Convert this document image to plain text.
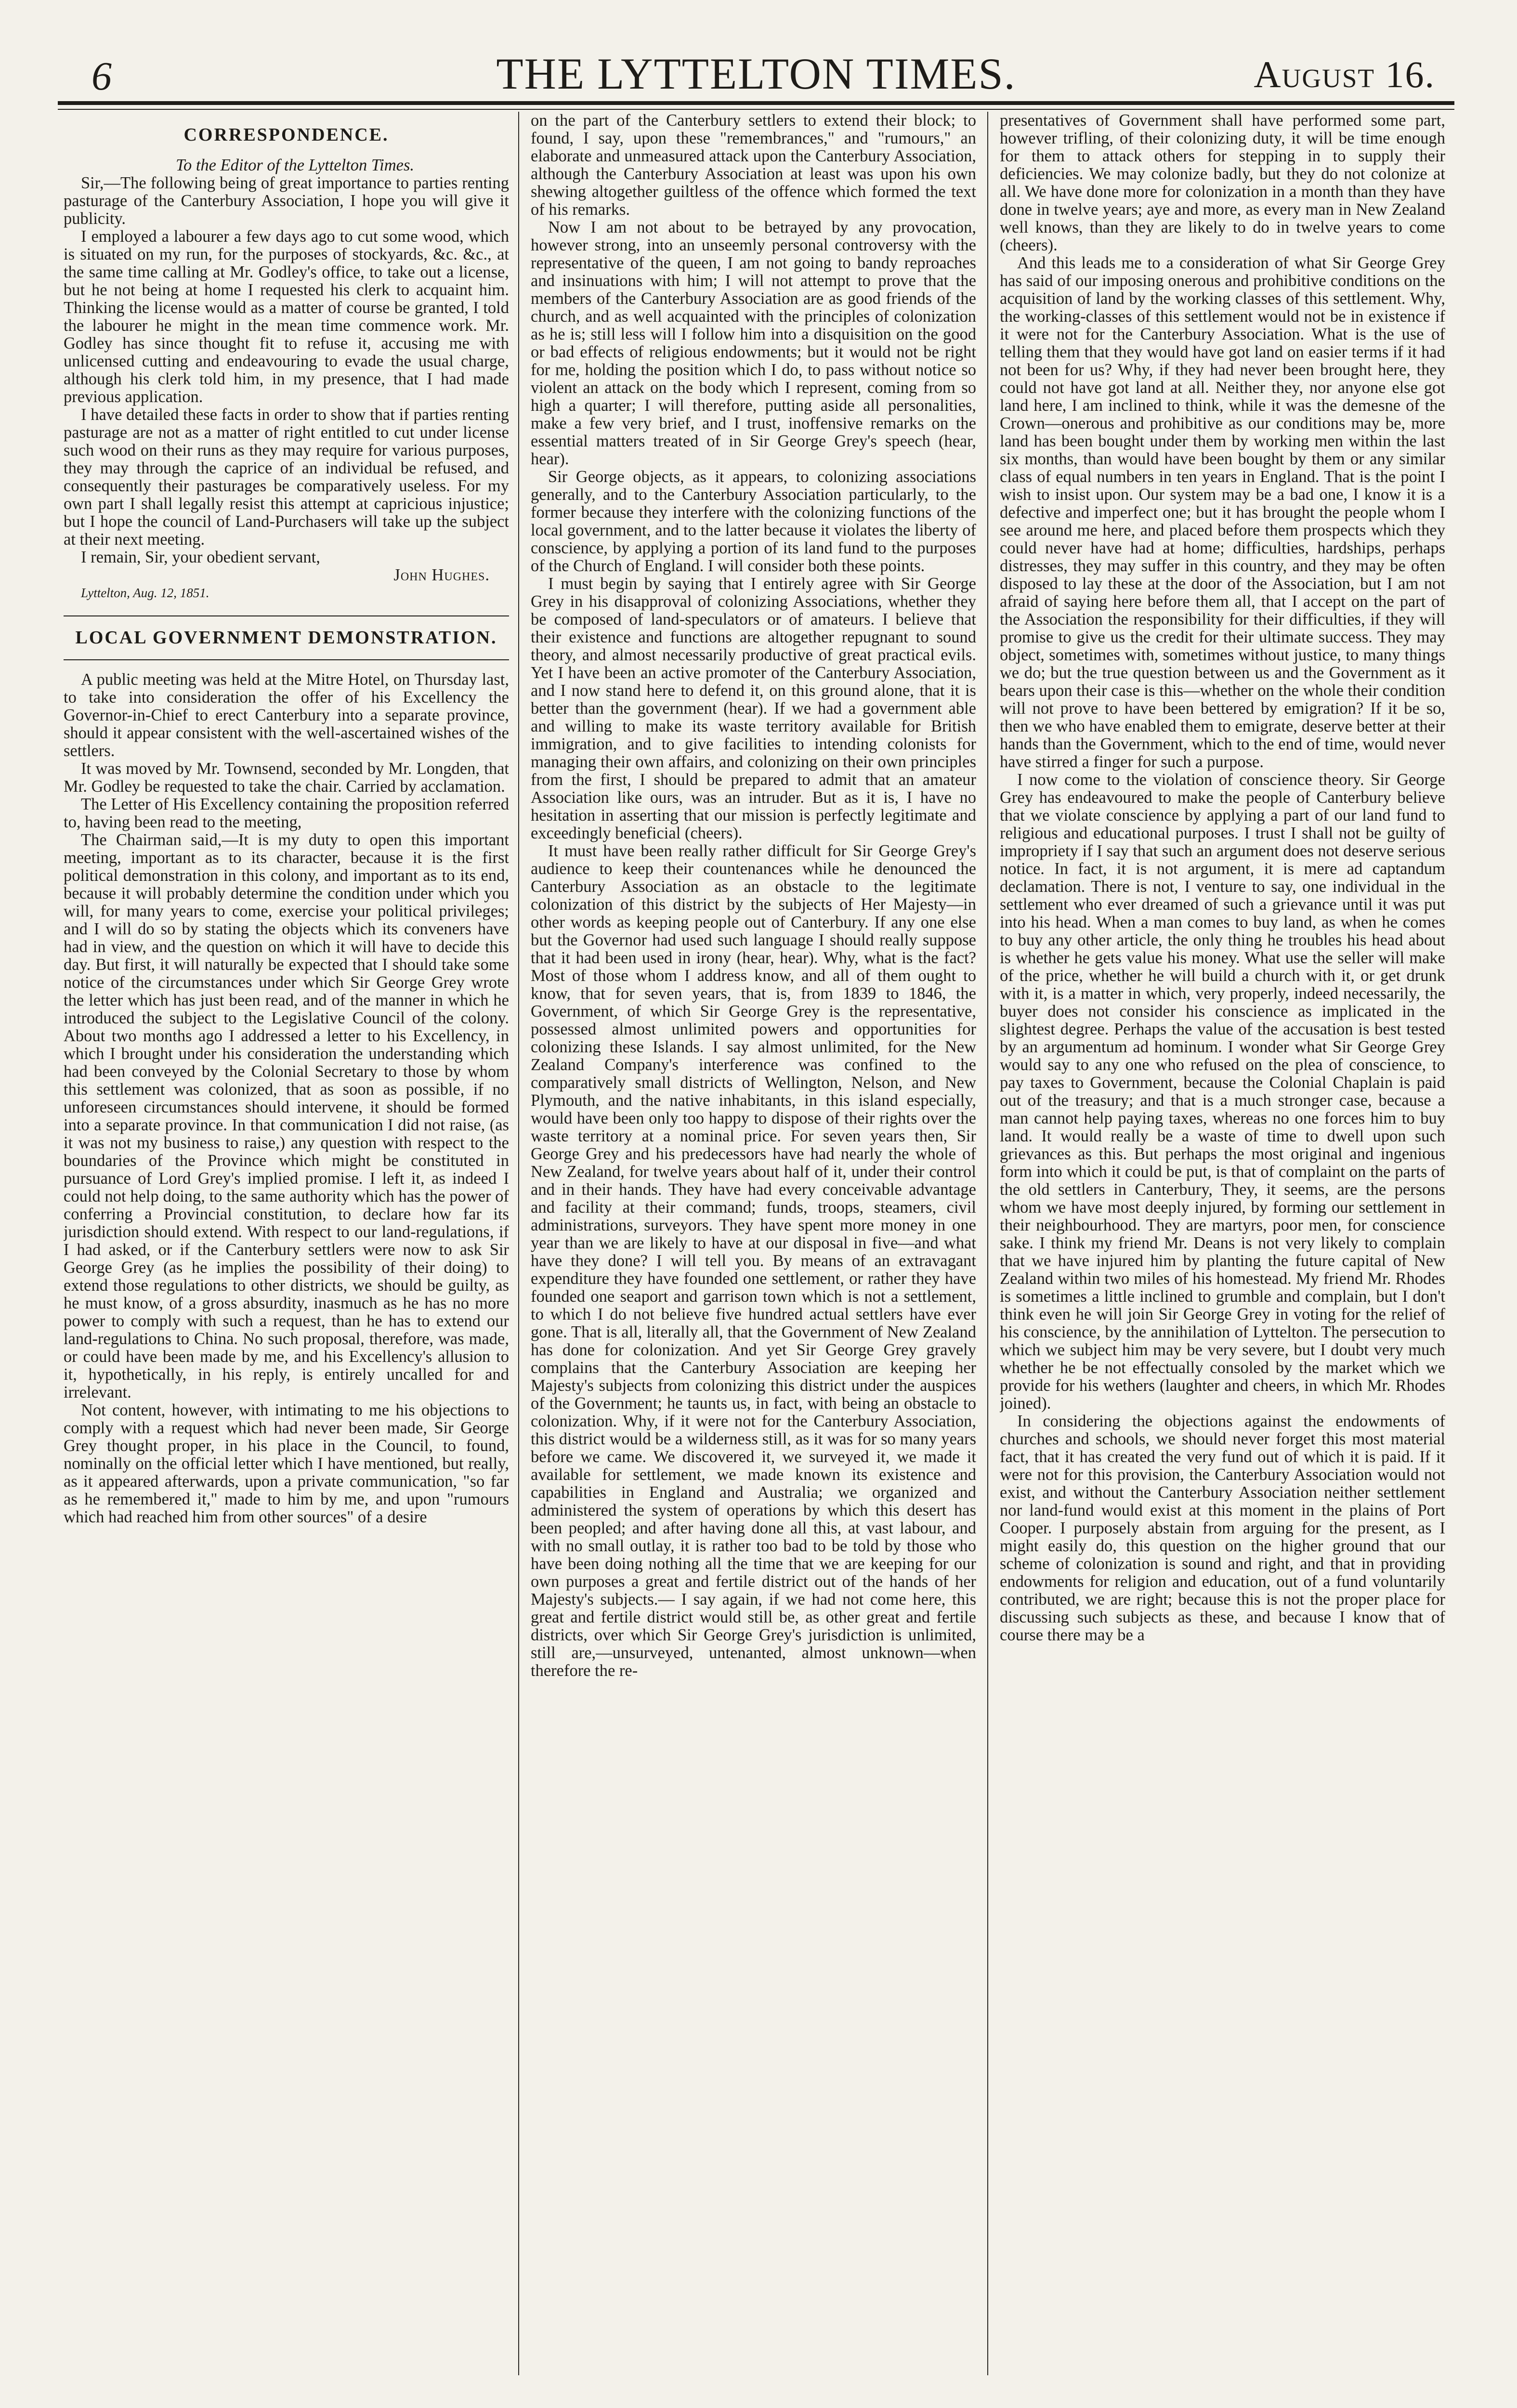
6	THE LYTTELTON TIMES.	August 16.
CORRESPONDENCE.

To the Editor of the Lyttelton Times.

Sir,—The following being of great importance to parties renting pasturage of the Canterbury Association, I hope you will give it publicity.

I employed a labourer a few days ago to cut some wood, which is situated on my run, for the purposes of stockyards, &c. &c., at the same time calling at Mr. Godley's office, to take out a license, but he not being at home I requested his clerk to acquaint him. Thinking the license would as a matter of course be granted, I told the labourer he might in the mean time commence work. Mr. Godley has since thought fit to refuse it, accusing me with unlicensed cutting and endeavouring to evade the usual charge, although his clerk told him, in my presence, that I had made previous application.

I have detailed these facts in order to show that if parties renting pasturage are not as a matter of right entitled to cut under license such wood on their runs as they may require for various purposes, they may through the caprice of an individual be refused, and consequently their pasturages be comparatively useless. For my own part I shall legally resist this attempt at capricious injustice; but I hope the council of Land-Purchasers will take up the subject at their next meeting.

I remain, Sir, your obedient servant,

John Hughes.

Lyttelton, Aug. 12, 1851.

LOCAL GOVERNMENT DEMONSTRATION.

A public meeting was held at the Mitre Hotel, on Thursday last, to take into consideration the offer of his Excellency the Governor-in-Chief to erect Canterbury into a separate province, should it appear consistent with the well-ascertained wishes of the settlers.

It was moved by Mr. Townsend, seconded by Mr. Longden, that Mr. Godley be requested to take the chair. Carried by acclamation.

The Letter of His Excellency containing the proposition referred to, having been read to the meeting,

The Chairman said,—It is my duty to open this important meeting, important as to its character, because it is the first political demonstration in this colony, and important as to its end, because it will probably determine the condition under which you will, for many years to come, exercise your political privileges; and I will do so by stating the objects which its conveners have had in view, and the question on which it will have to decide this day. But first, it will naturally be expected that I should take some notice of the circumstances under which Sir George Grey wrote the letter which has just been read, and of the manner in which he introduced the subject to the Legislative Council of the colony. About two months ago I addressed a letter to his Excellency, in which I brought under his consideration the understanding which had been conveyed by the Colonial Secretary to those by whom this settlement was colonized, that as soon as possible, if no unforeseen circumstances should intervene, it should be formed into a separate province. In that communication I did not raise, (as it was not my business to raise,) any question with respect to the boundaries of the Province which might be constituted in pursuance of Lord Grey's implied promise. I left it, as indeed I could not help doing, to the same authority which has the power of conferring a Provincial constitution, to declare how far its jurisdiction should extend. With respect to our land-regulations, if I had asked, or if the Canterbury settlers were now to ask Sir George Grey (as he implies the possibility of their doing) to extend those regulations to other districts, we should be guilty, as he must know, of a gross absurdity, inasmuch as he has no more power to comply with such a request, than he has to extend our land-regulations to China. No such proposal, therefore, was made, or could have been made by me, and his Excellency's allusion to it, hypothetically, in his reply, is entirely uncalled for and irrelevant.

Not content, however, with intimating to me his objections to comply with a request which had never been made, Sir George Grey thought proper, in his place in the Council, to found, nominally on the official letter which I have mentioned, but really, as it appeared afterwards, upon a private communication, "so far as he remembered it," made to him by me, and upon "rumours which had reached him from other sources" of a desire

on the part of the Canterbury settlers to extend their block; to found, I say, upon these "remembrances," and "rumours," an elaborate and unmeasured attack upon the Canterbury Association, although the Canterbury Association at least was upon his own shewing altogether guiltless of the offence which formed the text of his remarks.

Now I am not about to be betrayed by any provocation, however strong, into an unseemly personal controversy with the representative of the queen, I am not going to bandy reproaches and insinuations with him; I will not attempt to prove that the members of the Canterbury Association are as good friends of the church, and as well acquainted with the principles of colonization as he is; still less will I follow him into a disquisition on the good or bad effects of religious endowments; but it would not be right for me, holding the position which I do, to pass without notice so violent an attack on the body which I represent, coming from so high a quarter; I will therefore, putting aside all personalities, make a few very brief, and I trust, inoffensive remarks on the essential matters treated of in Sir George Grey's speech (hear, hear).

Sir George objects, as it appears, to colonizing associations generally, and to the Canterbury Association particularly, to the former because they interfere with the colonizing functions of the local government, and to the latter because it violates the liberty of conscience, by applying a portion of its land fund to the purposes of the Church of England. I will consider both these points.

I must begin by saying that I entirely agree with Sir George Grey in his disapproval of colonizing Associations, whether they be composed of land-speculators or of amateurs. I believe that their existence and functions are altogether repugnant to sound theory, and almost necessarily productive of great practical evils. Yet I have been an active promoter of the Canterbury Association, and I now stand here to defend it, on this ground alone, that it is better than the government (hear). If we had a government able and willing to make its waste territory available for British immigration, and to give facilities to intending colonists for managing their own affairs, and colonizing on their own principles from the first, I should be prepared to admit that an amateur Association like ours, was an intruder. But as it is, I have no hesitation in asserting that our mission is perfectly legitimate and exceedingly beneficial (cheers).

It must have been really rather difficult for Sir George Grey's audience to keep their countenances while he denounced the Canterbury Association as an obstacle to the legitimate colonization of this district by the subjects of Her Majesty—in other words as keeping people out of Canterbury. If any one else but the Governor had used such language I should really suppose that it had been used in irony (hear, hear). Why, what is the fact? Most of those whom I address know, and all of them ought to know, that for seven years, that is, from 1839 to 1846, the Government, of which Sir George Grey is the representative, possessed almost unlimited powers and opportunities for colonizing these Islands. I say almost unlimited, for the New Zealand Company's interference was confined to the comparatively small districts of Wellington, Nelson, and New Plymouth, and the native inhabitants, in this island especially, would have been only too happy to dispose of their rights over the waste territory at a nominal price. For seven years then, Sir George Grey and his predecessors have had nearly the whole of New Zealand, for twelve years about half of it, under their control and in their hands. They have had every conceivable advantage and facility at their command; funds, troops, steamers, civil administrations, surveyors. They have spent more money in one year than we are likely to have at our disposal in five—and what have they done? I will tell you. By means of an extravagant expenditure they have founded one settlement, or rather they have founded one seaport and garrison town which is not a settlement, to which I do not believe five hundred actual settlers have ever gone. That is all, literally all, that the Government of New Zealand has done for colonization. And yet Sir George Grey gravely complains that the Canterbury Association are keeping her Majesty's subjects from colonizing this district under the auspices of the Government; he taunts us, in fact, with being an obstacle to colonization. Why, if it were not for the Canterbury Association, this district would be a wilderness still, as it was for so many years before we came. We discovered it, we surveyed it, we made it available for settlement, we made known its existence and capabilities in England and Australia; we organized and administered the system of operations by which this desert has been peopled; and after having done all this, at vast labour, and with no small outlay, it is rather too bad to be told by those who have been doing nothing all the time that we are keeping for our own purposes a great and fertile district out of the hands of her Majesty's subjects.— I say again, if we had not come here, this great and fertile district would still be, as other great and fertile districts, over which Sir George Grey's jurisdiction is unlimited, still are,—unsurveyed, untenanted, almost unknown—when therefore the re-

presentatives of Government shall have performed some part, however trifling, of their colonizing duty, it will be time enough for them to attack others for stepping in to supply their deficiencies. We may colonize badly, but they do not colonize at all. We have done more for colonization in a month than they have done in twelve years; aye and more, as every man in New Zealand well knows, than they are likely to do in twelve years to come (cheers).

And this leads me to a consideration of what Sir George Grey has said of our imposing onerous and prohibitive conditions on the acquisition of land by the working classes of this settlement. Why, the working-classes of this settlement would not be in existence if it were not for the Canterbury Association. What is the use of telling them that they would have got land on easier terms if it had not been for us? Why, if they had never been brought here, they could not have got land at all. Neither they, nor anyone else got land here, I am inclined to think, while it was the demesne of the Crown—onerous and prohibitive as our conditions may be, more land has been bought under them by working men within the last six months, than would have been bought by them or any similar class of equal numbers in ten years in England. That is the point I wish to insist upon. Our system may be a bad one, I know it is a defective and imperfect one; but it has brought the people whom I see around me here, and placed before them prospects which they could never have had at home; difficulties, hardships, perhaps distresses, they may suffer in this country, and they may be often disposed to lay these at the door of the Association, but I am not afraid of saying here before them all, that I accept on the part of the Association the responsibility for their difficulties, if they will promise to give us the credit for their ultimate success. They may object, sometimes with, sometimes without justice, to many things we do; but the true question between us and the Government as it bears upon their case is this—whether on the whole their condition will not prove to have been bettered by emigration? If it be so, then we who have enabled them to emigrate, deserve better at their hands than the Government, which to the end of time, would never have stirred a finger for such a purpose.

I now come to the violation of conscience theory. Sir George Grey has endeavoured to make the people of Canterbury believe that we violate conscience by applying a part of our land fund to religious and educational purposes. I trust I shall not be guilty of impropriety if I say that such an argument does not deserve serious notice. In fact, it is not argument, it is mere ad captandum declamation. There is not, I venture to say, one individual in the settlement who ever dreamed of such a grievance until it was put into his head. When a man comes to buy land, as when he comes to buy any other article, the only thing he troubles his head about is whether he gets value his money. What use the seller will make of the price, whether he will build a church with it, or get drunk with it, is a matter in which, very properly, indeed necessarily, the buyer does not consider his conscience as implicated in the slightest degree. Perhaps the value of the accusation is best tested by an argumentum ad hominum. I wonder what Sir George Grey would say to any one who refused on the plea of conscience, to pay taxes to Government, because the Colonial Chaplain is paid out of the treasury; and that is a much stronger case, because a man cannot help paying taxes, whereas no one forces him to buy land. It would really be a waste of time to dwell upon such grievances as this. But perhaps the most original and ingenious form into which it could be put, is that of complaint on the parts of the old settlers in Canterbury, They, it seems, are the persons whom we have most deeply injured, by forming our settlement in their neighbourhood. They are martyrs, poor men, for conscience sake. I think my friend Mr. Deans is not very likely to complain that we have injured him by planting the future capital of New Zealand within two miles of his homestead. My friend Mr. Rhodes is sometimes a little inclined to grumble and complain, but I don't think even he will join Sir George Grey in voting for the relief of his conscience, by the annihilation of Lyttelton. The persecution to which we subject him may be very severe, but I doubt very much whether he be not effectually consoled by the market which we provide for his wethers (laughter and cheers, in which Mr. Rhodes joined).

In considering the objections against the endowments of churches and schools, we should never forget this most material fact, that it has created the very fund out of which it is paid. If it were not for this provision, the Canterbury Association would not exist, and without the Canterbury Association neither settlement nor land-fund would exist at this moment in the plains of Port Cooper. I purposely abstain from arguing for the present, as I might easily do, this question on the higher ground that our scheme of colonization is sound and right, and that in providing endowments for religion and education, out of a fund voluntarily contributed, we are right; because this is not the proper place for discussing such subjects as these, and because I know that of course there may be a
